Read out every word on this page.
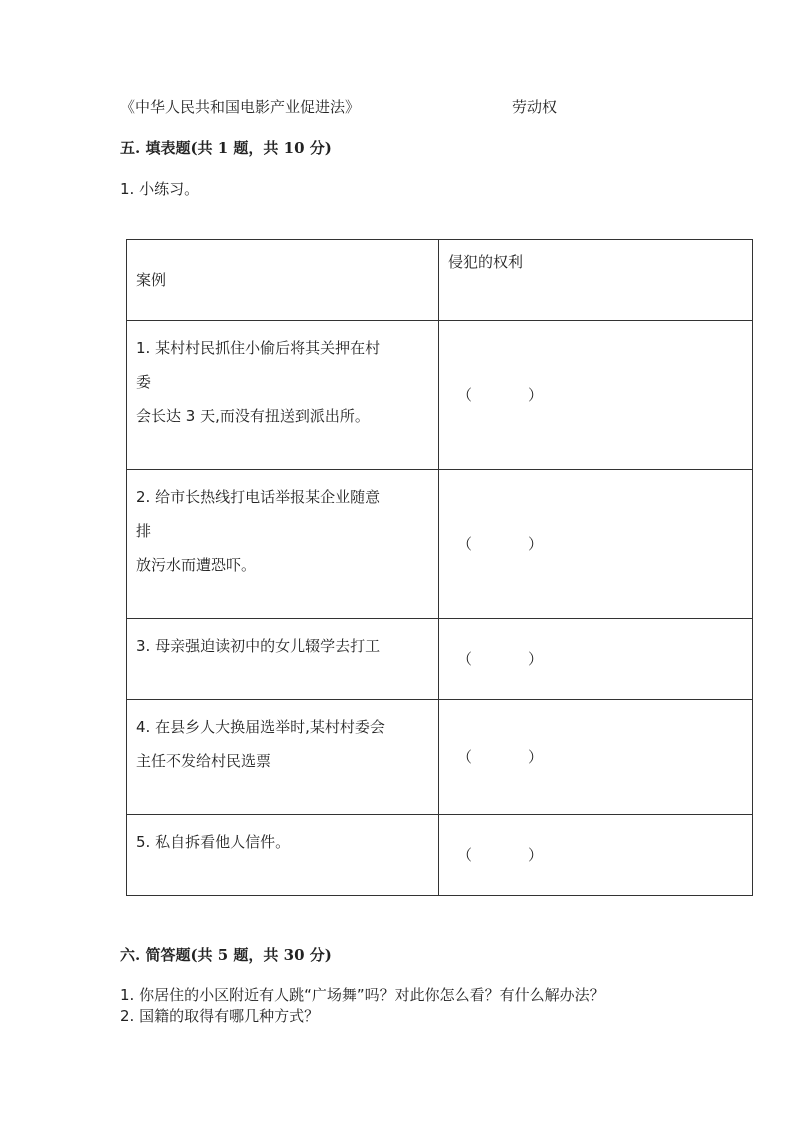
《中华人民共和国电影产业促进法》	劳动权
五. 填表题(共 1 题，共 10 分)
1. 小练习。
案例	侵犯的权利

1. 某村村民抓住小偷后将其关押在村
委
会长达 3 天,而没有扭送到派出所。	（ ）

2. 给市长热线打电话举报某企业随意
排
放污水而遭恐吓。	（ ）

3. 母亲强迫读初中的女儿辍学去打工	（ ）

4. 在县乡人大换届选举时,某村村委会
主任不发给村民选票	（ ）

5. 私自拆看他人信件。	（ ）
六. 简答题(共 5 题，共 30 分)
1. 你居住的小区附近有人跳“广场舞”吗？对此你怎么看？有什么解办法？
2. 国籍的取得有哪几种方式？
